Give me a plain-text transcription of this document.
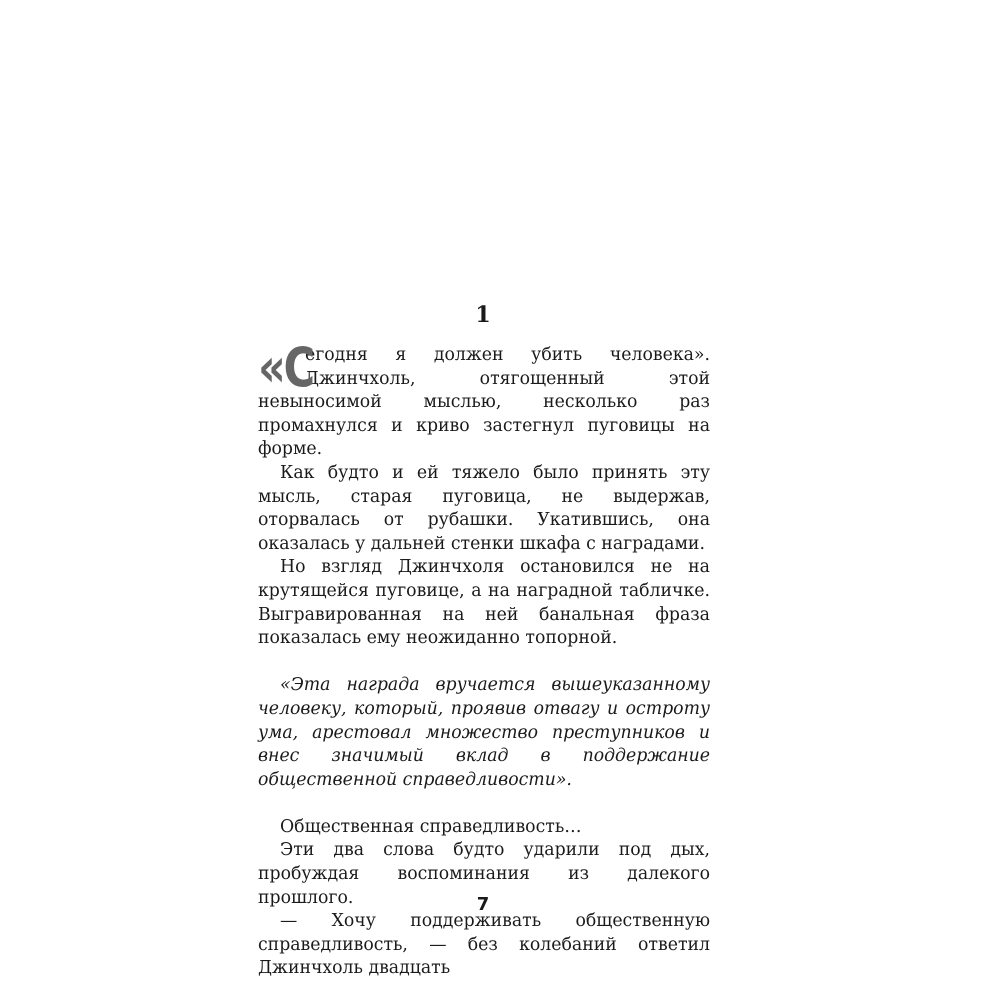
1

«С
егодня я должен убить человека». Джинчхоль, отягощенный этой невыносимой мыслью, несколько раз промахнулся и криво застегнул пуговицы на форме.

Как будто и ей тяжело было принять эту мысль, старая пуговица, не выдержав, оторвалась от рубашки. Укатившись, она оказалась у дальней стенки шкафа с наградами.

Но взгляд Джинчхоля остановился не на крутящейся пуговице, а на наградной табличке. Выгравированная на ней банальная фраза показалась ему неожиданно топорной.

«Эта награда вручается вышеуказанному человеку, который, проявив отвагу и остроту ума, арестовал множество преступников и внес значимый вклад в поддержание общественной справедливости».

Общественная справедливость…

Эти два слова будто ударили под дых, пробуждая воспоминания из далекого прошлого.

— Хочу поддерживать общественную справедливость, — без колебаний ответил Джинчхоль двадцать

7
